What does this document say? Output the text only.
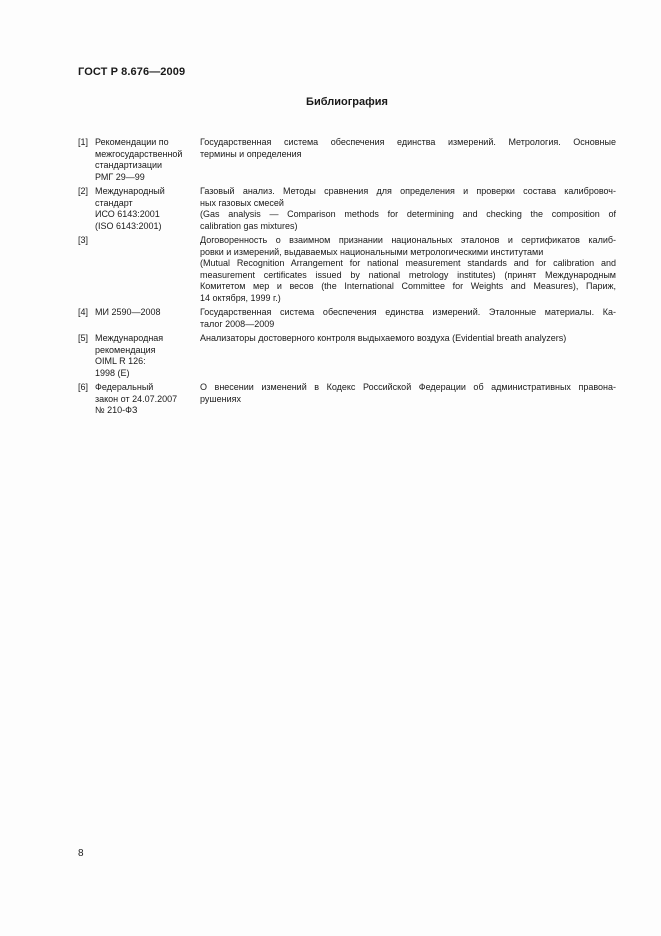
ГОСТ Р 8.676—2009
Библиография
[1] Рекомендации по
межгосударственной
стандартизации
РМГ 29—99
Государственная система обеспечения единства измерений. Метрология. Основные
термины и определения
[2] Международный
стандарт
ИСО 6143:2001
(ISO 6143:2001)
Газовый анализ. Методы сравнения для определения и проверки состава калибровоч-
ных газовых смесей
(Gas analysis — Comparison methods for determining and checking the composition of
calibration gas mixtures)
[3]	Договоренность о взаимном признании национальных эталонов и сертификатов калиб-
ровки и измерений, выдаваемых национальными метрологическими институтами
(Mutual Recognition Arrangement for national measurement standards and for calibration and
measurement certificates issued by national metrology institutes) (принят Международным
Комитетом мер и весов (the International Committee for Weights and Measures), Париж,
14 октября, 1999 г.)
[4] МИ 2590—2008	Государственная система обеспечения единства измерений. Эталонные материалы. Ка-
талог 2008—2009
[5] Международная
рекомендация
OIML R 126:
1998 (E)
Анализаторы достоверного контроля выдыхаемого воздуха (Evidential breath analyzers)
[6] Федеральный
закон от 24.07.2007
№ 210-ФЗ
О внесении изменений в Кодекс Российской Федерации об административных правона-
рушениях
8
